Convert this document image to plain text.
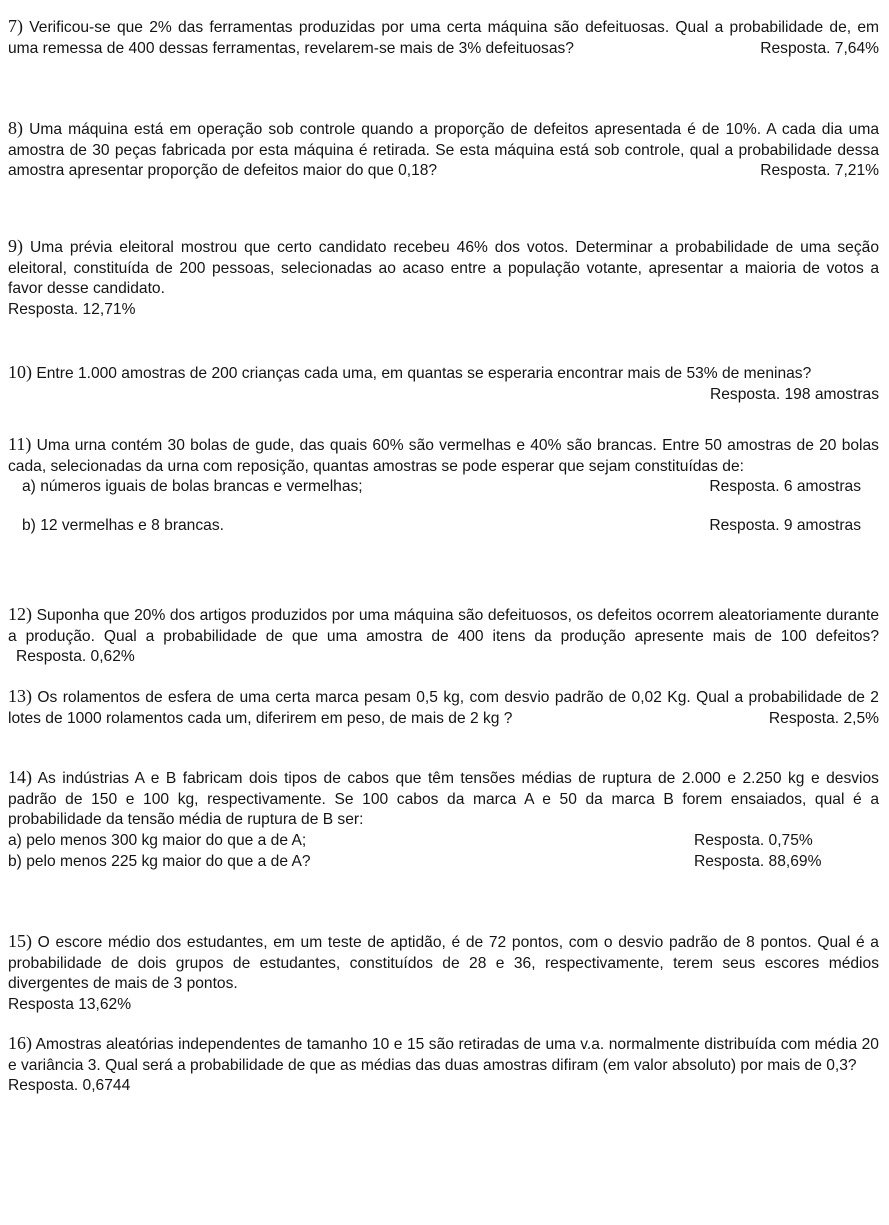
7) Verificou-se que 2% das ferramentas produzidas por uma certa máquina são defeituosas. Qual a probabilidade de, em uma remessa de 400 dessas ferramentas, revelarem-se mais de 3% defeituosas?	Resposta. 7,64%
8) Uma máquina está em operação sob controle quando a proporção de defeitos apresentada é de 10%. A cada dia uma amostra de 30 peças fabricada por esta máquina é retirada. Se esta máquina está sob controle, qual a probabilidade dessa amostra apresentar proporção de defeitos maior do que 0,18?	Resposta. 7,21%
9) Uma prévia eleitoral mostrou que certo candidato recebeu 46% dos votos. Determinar a probabilidade de uma seção eleitoral, constituída de 200 pessoas, selecionadas ao acaso entre a população votante, apresentar a maioria de votos a favor desse candidato.
Resposta. 12,71%
10) Entre 1.000 amostras de 200 crianças cada uma, em quantas se esperaria encontrar mais de 53% de meninas?
Resposta. 198 amostras
11) Uma urna contém 30 bolas de gude, das quais 60% são vermelhas e 40% são brancas. Entre 50 amostras de 20 bolas cada, selecionadas da urna com reposição, quantas amostras se pode esperar que sejam constituídas de:
a) números iguais de bolas brancas e vermelhas;	Resposta. 6 amostras
b) 12 vermelhas e 8 brancas.	Resposta. 9 amostras
12) Suponha que 20% dos artigos produzidos por uma máquina são defeituosos, os defeitos ocorrem aleatoriamente durante a produção. Qual a probabilidade de que uma amostra de 400 itens da produção apresente mais de 100 defeitos? Resposta. 0,62%
13) Os rolamentos de esfera de uma certa marca pesam 0,5 kg, com desvio padrão de 0,02 Kg. Qual a probabilidade de 2 lotes de 1000 rolamentos cada um, diferirem em peso, de mais de 2 kg ?	Resposta. 2,5%
14) As indústrias A e B fabricam dois tipos de cabos que têm tensões médias de ruptura de 2.000 e 2.250 kg e desvios padrão de 150 e 100 kg, respectivamente. Se 100 cabos da marca A e 50 da marca B forem ensaiados, qual é a probabilidade da tensão média de ruptura de B ser:
a) pelo menos 300 kg maior do que a de A;	Resposta. 0,75%
b) pelo menos 225 kg maior do que a de A?	Resposta. 88,69%
15) O escore médio dos estudantes, em um teste de aptidão, é de 72 pontos, com o desvio padrão de 8 pontos. Qual é a probabilidade de dois grupos de estudantes, constituídos de 28 e 36, respectivamente, terem seus escores médios divergentes de mais de 3 pontos.
Resposta 13,62%
16) Amostras aleatórias independentes de tamanho 10 e 15 são retiradas de uma v.a. normalmente distribuída com média 20 e variância 3. Qual será a probabilidade de que as médias das duas amostras difiram (em valor absoluto) por mais de 0,3?
Resposta. 0,6744
